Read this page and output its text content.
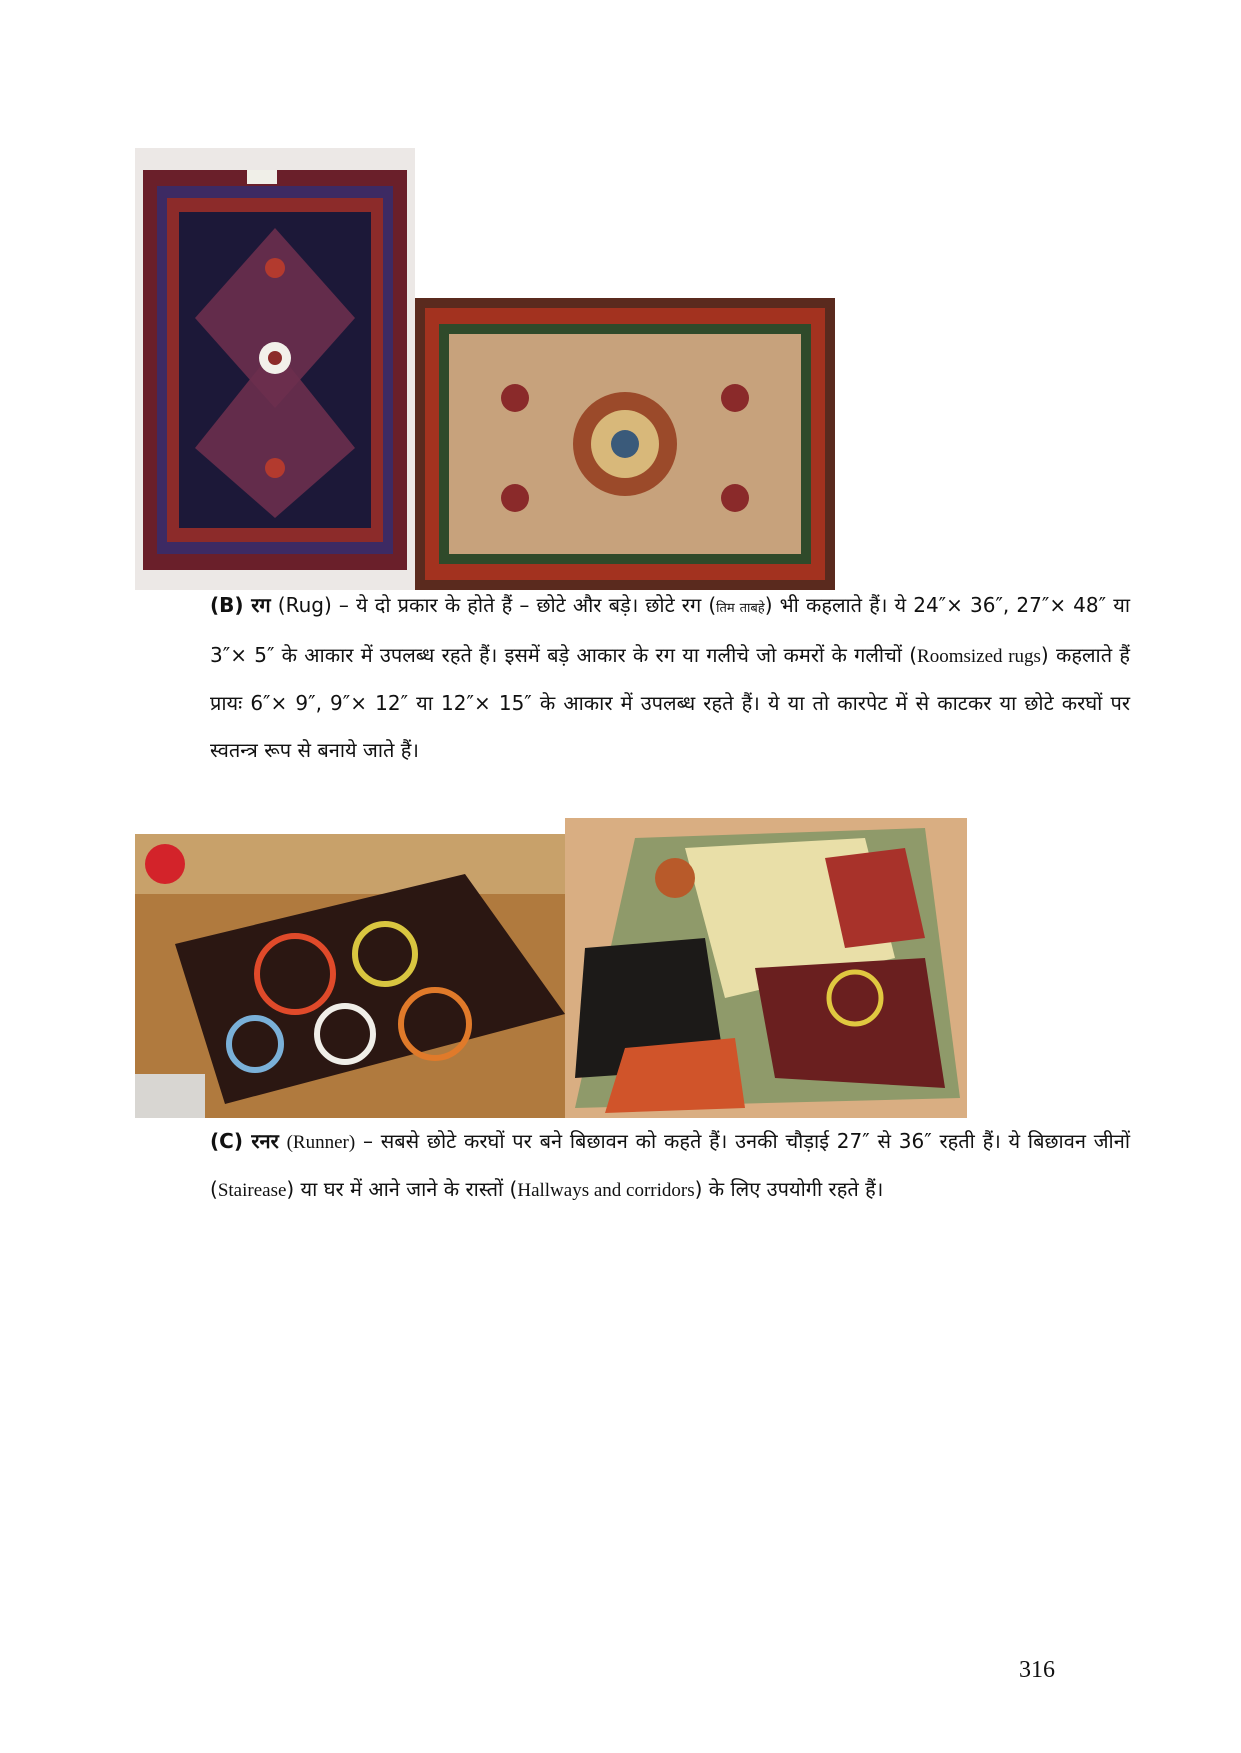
(B) रग (Rug) – ये दो प्रकार के होते हैं – छोटे और बड़े। छोटे रग (तिम ताबहे) भी कहलाते हैं। ये 24″× 36″, 27″× 48″ या 3″× 5″ के आकार में उपलब्ध रहते हैं। इसमें बड़े आकार के रग या गलीचे जो कमरों के गलीचों (Roomsized rugs) कहलाते हैं प्रायः 6″× 9″, 9″× 12″ या 12″× 15″ के आकार में उपलब्ध रहते हैं। ये या तो कारपेट में से काटकर या छोटे करघों पर स्वतन्त्र रूप से बनाये जाते हैं।

(C) रनर (Runner) – सबसे छोटे करघों पर बने बिछावन को कहते हैं। उनकी चौड़ाई 27″ से 36″ रहती हैं। ये बिछावन जीनों (Stairease) या घर में आने जाने के रास्तों (Hallways and corridors) के लिए उपयोगी रहते हैं।

316
